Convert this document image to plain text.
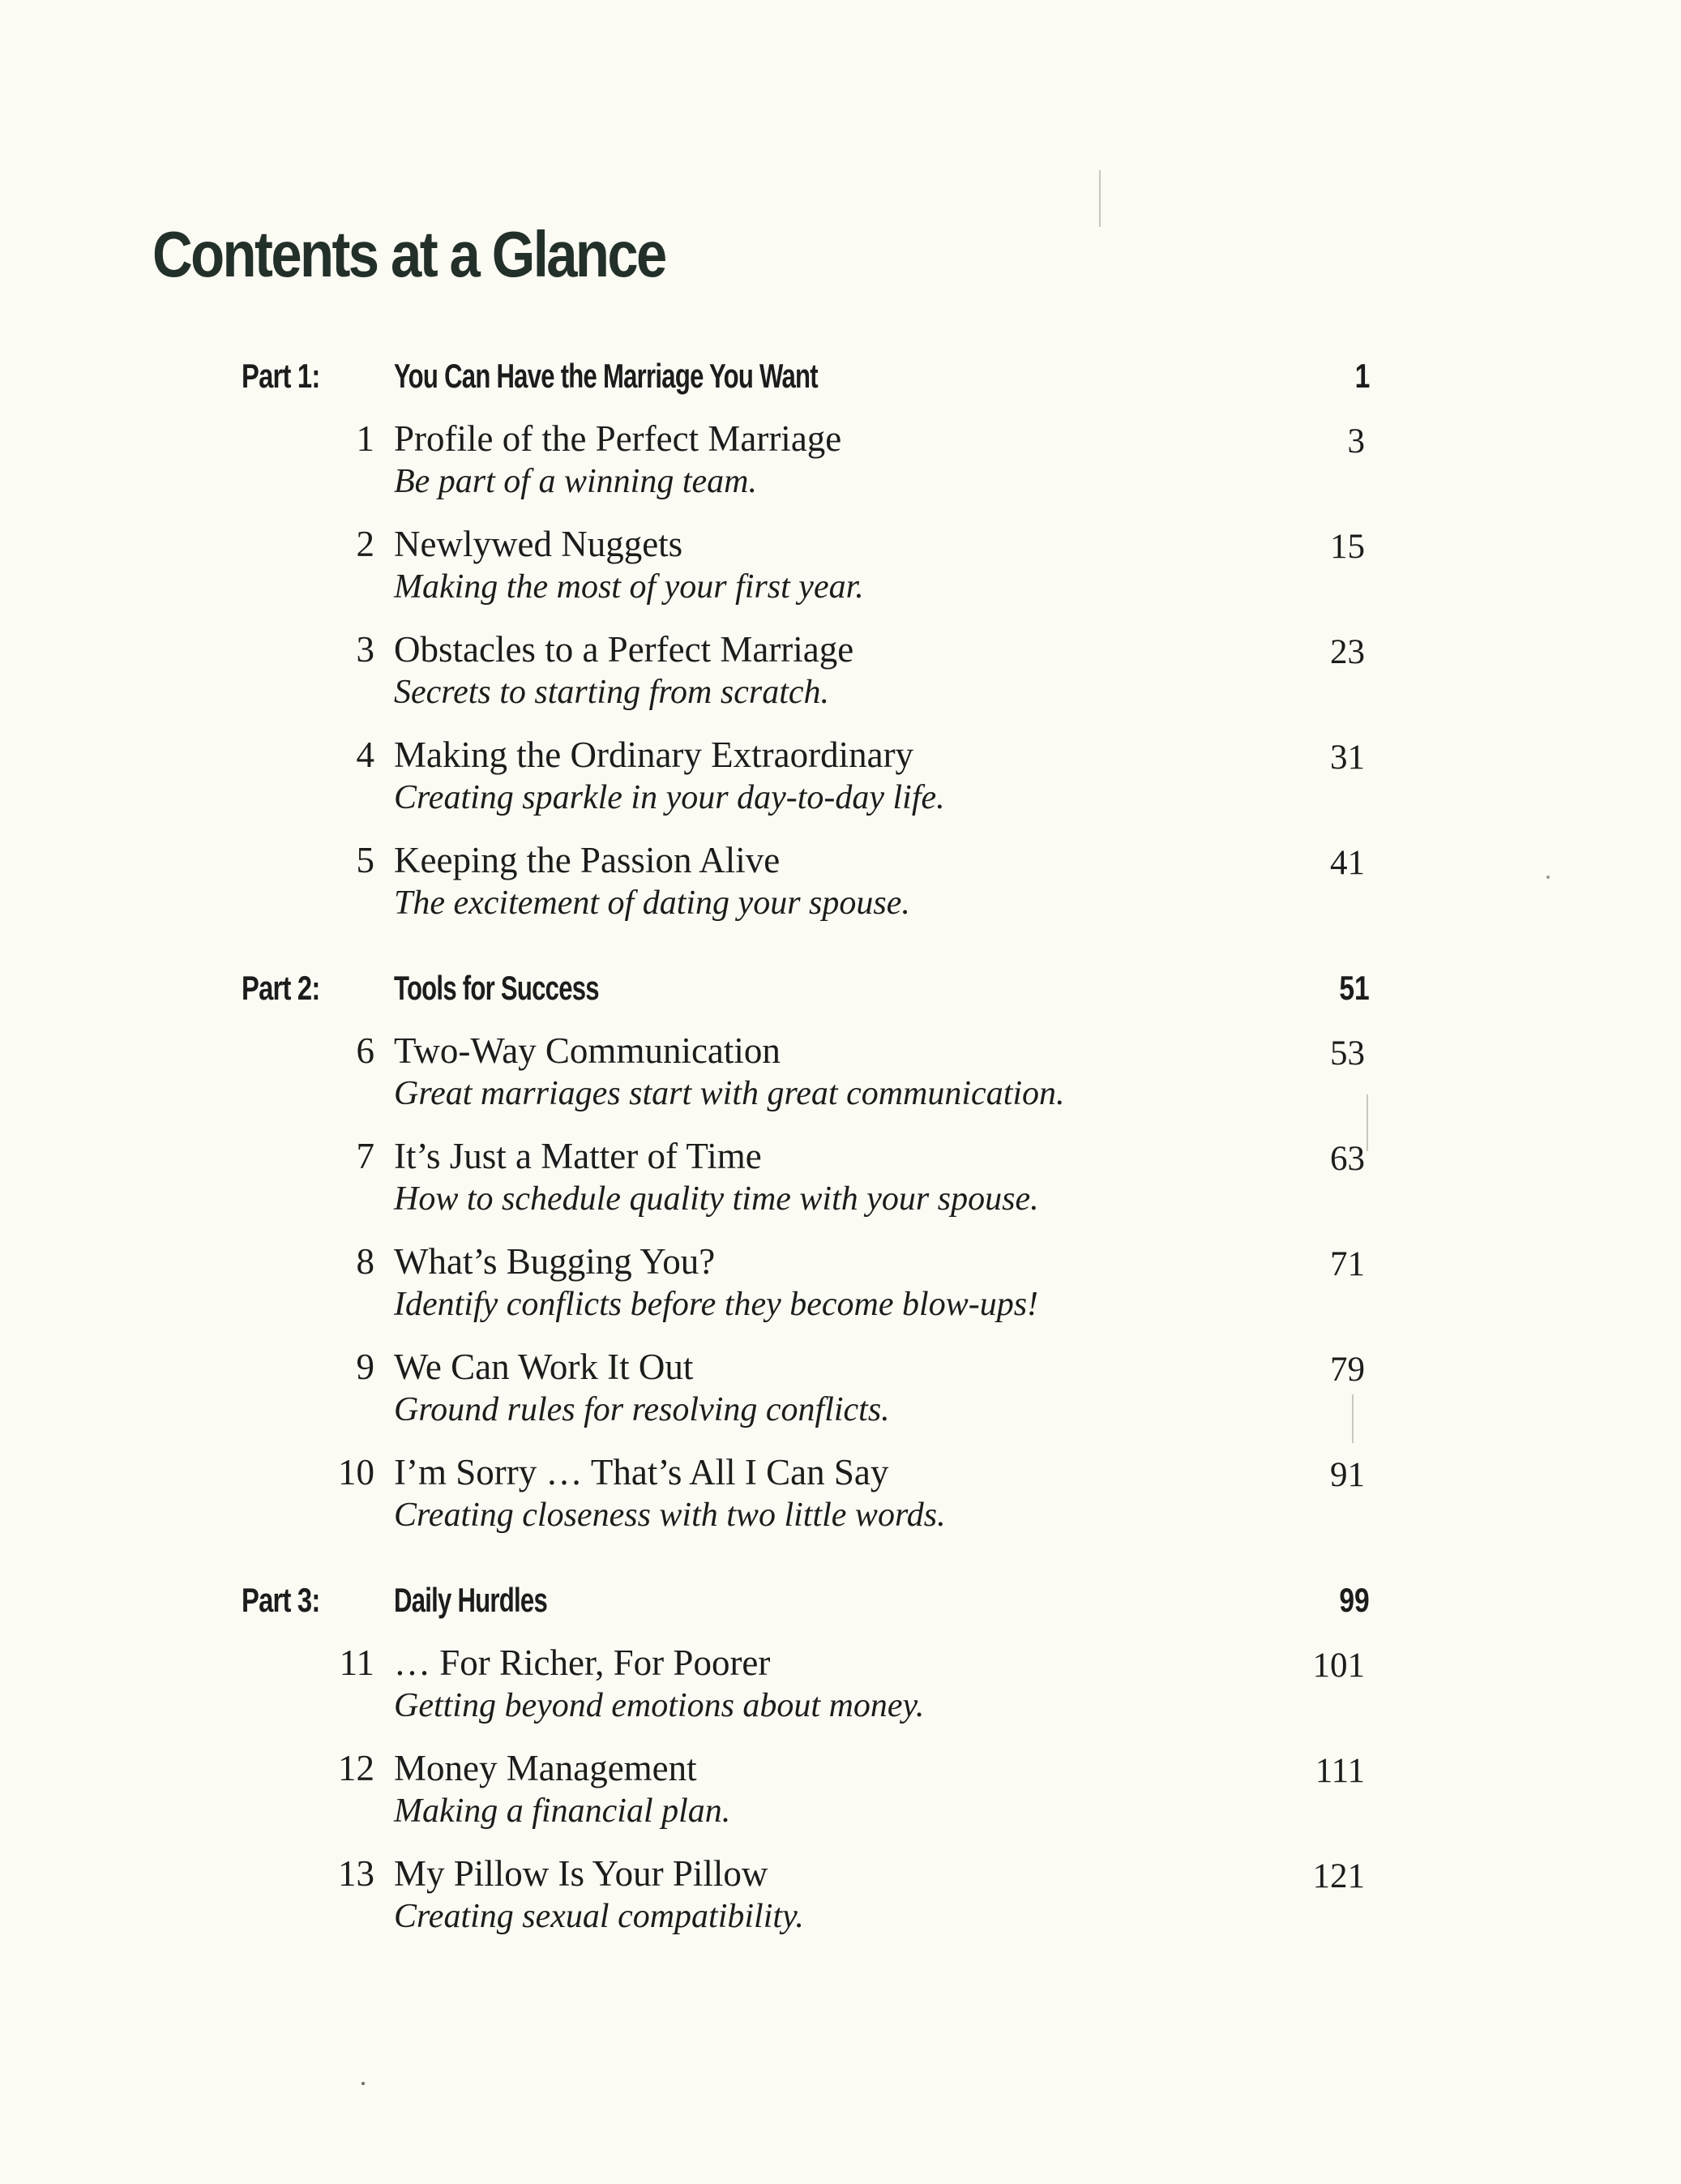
Contents at a Glance
Part 1: You Can Have the Marriage You Want	1
1 Profile of the Perfect Marriage	3
Be part of a winning team.
2 Newlywed Nuggets	15
Making the most of your first year.
3 Obstacles to a Perfect Marriage	23
Secrets to starting from scratch.
4 Making the Ordinary Extraordinary	31
Creating sparkle in your day-to-day life.
5 Keeping the Passion Alive	41
The excitement of dating your spouse.
Part 2: Tools for Success	51
6 Two-Way Communication	53
Great marriages start with great communication.
7 It’s Just a Matter of Time	63
How to schedule quality time with your spouse.
8 What’s Bugging You?	71
Identify conflicts before they become blow-ups!
9 We Can Work It Out	79
Ground rules for resolving conflicts.
10 I’m Sorry … That’s All I Can Say	91
Creating closeness with two little words.
Part 3: Daily Hurdles	99
11 … For Richer, For Poorer	101
Getting beyond emotions about money.
12 Money Management	111
Making a financial plan.
13 My Pillow Is Your Pillow	121
Creating sexual compatibility.
